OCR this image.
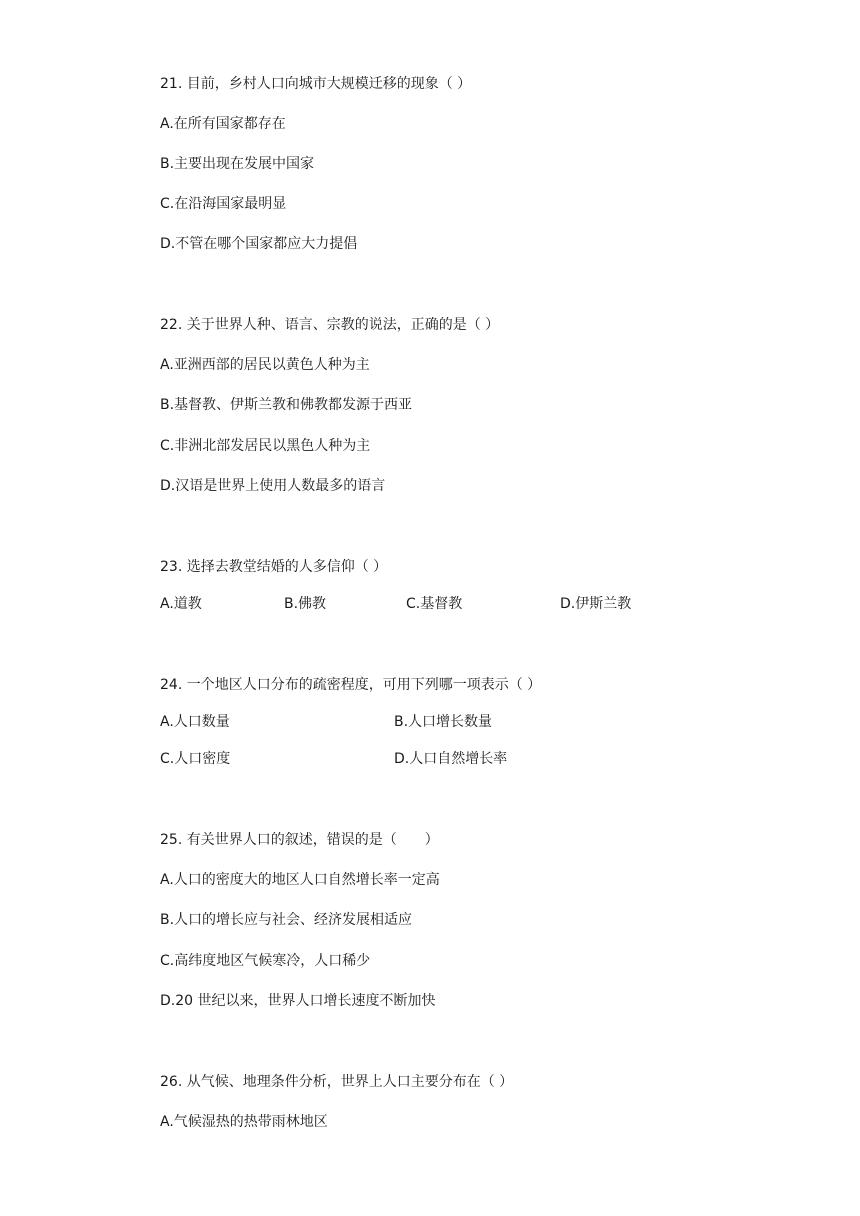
21. 目前，乡村人口向城市大规模迁移的现象（ ）
A.在所有国家都存在
B.主要出现在发展中国家
C.在沿海国家最明显
D.不管在哪个国家都应大力提倡
22. 关于世界人种、语言、宗教的说法，正确的是（ ）
A.亚洲西部的居民以黄色人种为主
B.基督教、伊斯兰教和佛教都发源于西亚
C.非洲北部发居民以黑色人种为主
D.汉语是世界上使用人数最多的语言
23. 选择去教堂结婚的人多信仰（ ）
A.道教	B.佛教	C.基督教	D.伊斯兰教
24. 一个地区人口分布的疏密程度，可用下列哪一项表示（ ）
A.人口数量	B.人口增长数量
C.人口密度	D.人口自然增长率
25. 有关世界人口的叙述，错误的是（　　）
A.人口的密度大的地区人口自然增长率一定高
B.人口的增长应与社会、经济发展相适应
C.高纬度地区气候寒冷，人口稀少
D.20 世纪以来，世界人口增长速度不断加快
26. 从气候、地理条件分析，世界上人口主要分布在（ ）
A.气候湿热的热带雨林地区
